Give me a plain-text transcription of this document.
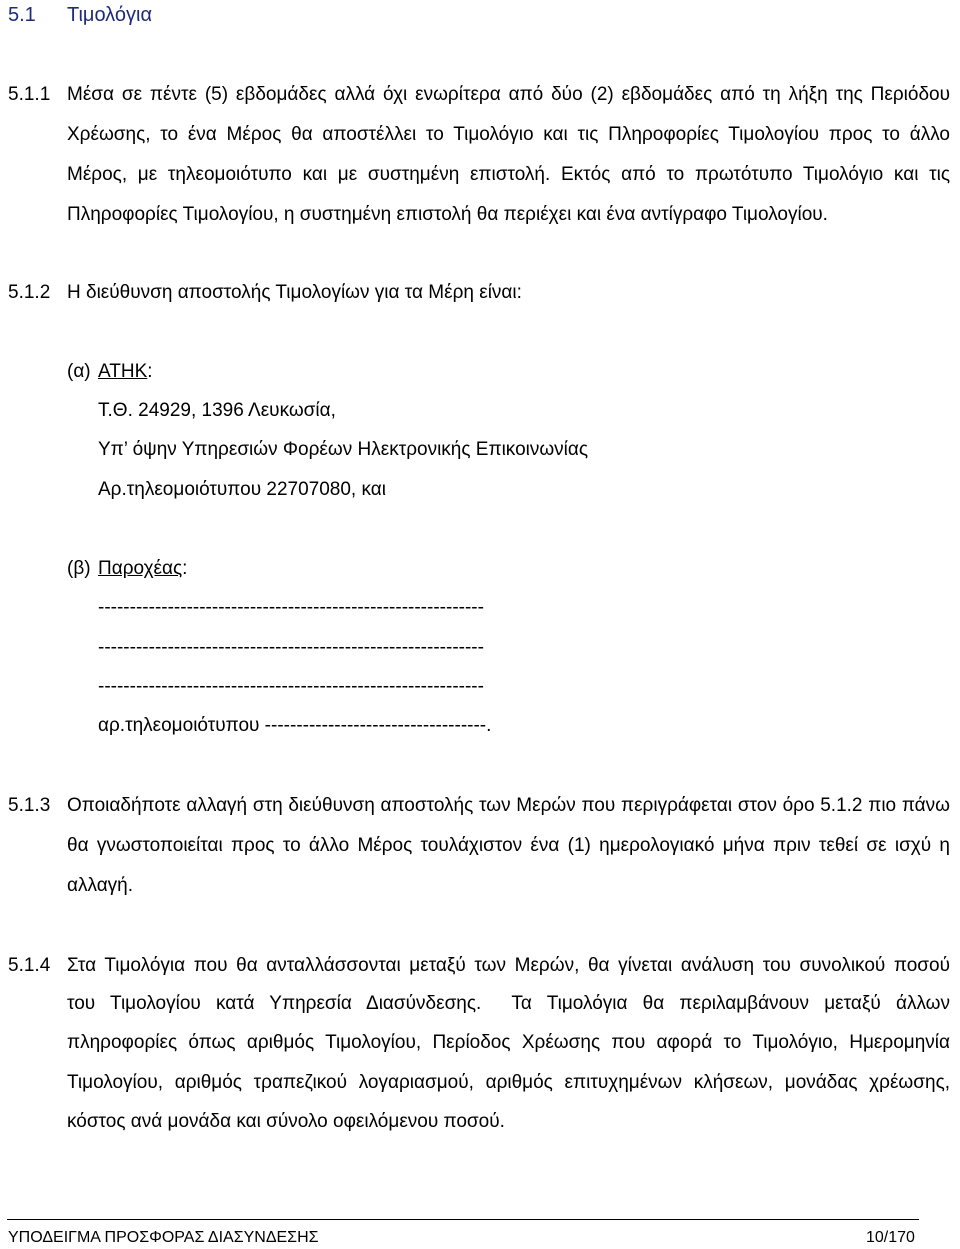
5.1 Τιμολόγια
5.1.1 Μέσα σε πέντε (5) εβδομάδες αλλά όχι ενωρίτερα από δύο (2) εβδομάδες από τη λήξη της Περιόδου
Χρέωσης, το ένα Μέρος θα αποστέλλει το Τιμολόγιο και τις Πληροφορίες Τιμολογίου προς το άλλο
Μέρος, με τηλεομοιότυπο και με συστημένη επιστολή. Εκτός από το πρωτότυπο Τιμολόγιο και τις
Πληροφορίες Τιμολογίου, η συστημένη επιστολή θα περιέχει και ένα αντίγραφο Τιμολογίου.
5.1.2 Η διεύθυνση αποστολής Τιμολογίων για τα Μέρη είναι:
(α) ΑΤΗΚ:
Τ.Θ. 24929, 1396 Λευκωσία,
Υπ’ όψην Υπηρεσιών Φορέων Ηλεκτρονικής Επικοινωνίας
Αρ.τηλεομοιότυπου 22707080, και
(β) Παροχέας:
-------------------------------------------------------------
-------------------------------------------------------------
-------------------------------------------------------------
αρ.τηλεομοιότυπου -----------------------------------.
5.1.3 Οποιαδήποτε αλλαγή στη διεύθυνση αποστολής των Μερών που περιγράφεται στον όρο 5.1.2 πιο πάνω
θα γνωστοποιείται προς το άλλο Μέρος τουλάχιστον ένα (1) ημερολογιακό μήνα πριν τεθεί σε ισχύ η
αλλαγή.
5.1.4 Στα Τιμολόγια που θα ανταλλάσσονται μεταξύ των Μερών, θα γίνεται ανάλυση του συνολικού ποσού
του Τιμολογίου κατά Υπηρεσία Διασύνδεσης.  Τα Τιμολόγια θα περιλαμβάνουν μεταξύ άλλων
πληροφορίες όπως αριθμός Τιμολογίου, Περίοδος Χρέωσης που αφορά το Τιμολόγιο, Ημερομηνία
Τιμολογίου, αριθμός τραπεζικού λογαριασμού, αριθμός επιτυχημένων κλήσεων, μονάδας χρέωσης,
κόστος ανά μονάδα και σύνολο οφειλόμενου ποσού.
ΥΠΟΔΕΙΓΜΑ ΠΡΟΣΦΟΡΑΣ ΔΙΑΣΥΝΔΕΣΗΣ	10/170
